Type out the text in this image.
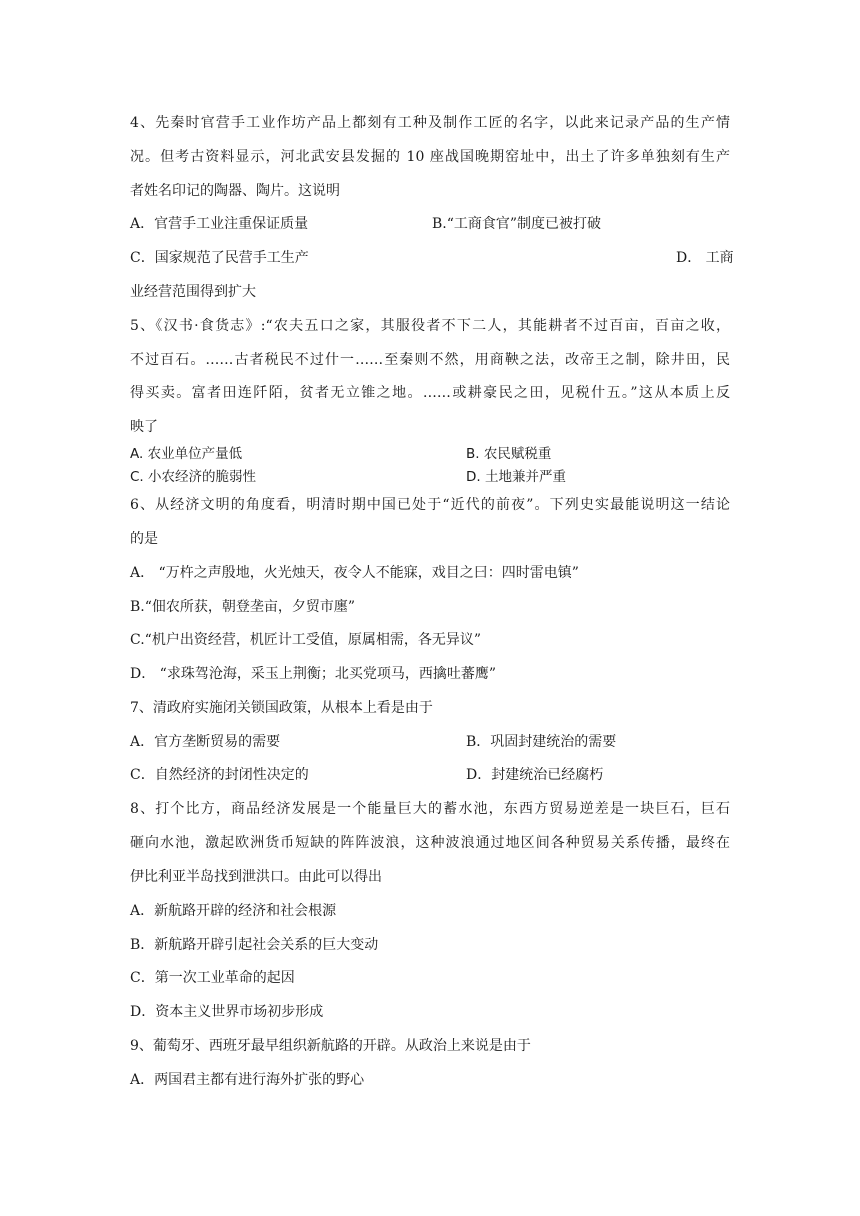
4、先秦时官营手工业作坊产品上都刻有工种及制作工匠的名字，以此来记录产品的生产情
况。但考古资料显示，河北武安县发掘的 10 座战国晚期窑址中，出土了许多单独刻有生产
者姓名印记的陶器、陶片。这说明
A．官营手工业注重保证质量	B.“工商食官”制度已被打破
C．国家规范了民营手工生产	D． 工商
业经营范围得到扩大
5、《汉书·食货志》:“农夫五口之家，其服役者不下二人，其能耕者不过百亩，百亩之收，
不过百石。……古者税民不过什一……至秦则不然，用商鞅之法，改帝王之制，除井田，民
得买卖。富者田连阡陌，贫者无立锥之地。……或耕豪民之田，见税什五。”这从本质上反
映了
A. 农业单位产量低	B. 农民赋税重
C. 小农经济的脆弱性	D. 土地兼并严重
6、从经济文明的角度看，明清时期中国已处于“近代的前夜”。下列史实最能说明这一结论
的是
A． “万杵之声殷地，火光烛天，夜令人不能寐，戏目之曰：四时雷电镇”
B.“佃农所获，朝登垄亩，夕贸市廛”
C.“机户出资经营，机匠计工受值，原属相需，各无异议”
D． “求珠驾沧海，采玉上荆衡；北买党项马，西擒吐蕃鹰”
7、清政府实施闭关锁国政策，从根本上看是由于
A．官方垄断贸易的需要	B．巩固封建统治的需要
C．自然经济的封闭性决定的	D．封建统治已经腐朽
8、打个比方，商品经济发展是一个能量巨大的蓄水池，东西方贸易逆差是一块巨石，巨石
砸向水池，激起欧洲货币短缺的阵阵波浪，这种波浪通过地区间各种贸易关系传播，最终在
伊比利亚半岛找到泄洪口。由此可以得出
A．新航路开辟的经济和社会根源
B．新航路开辟引起社会关系的巨大变动
C．第一次工业革命的起因
D．资本主义世界市场初步形成
9、葡萄牙、西班牙最早组织新航路的开辟。从政治上来说是由于
A．两国君主都有进行海外扩张的野心
